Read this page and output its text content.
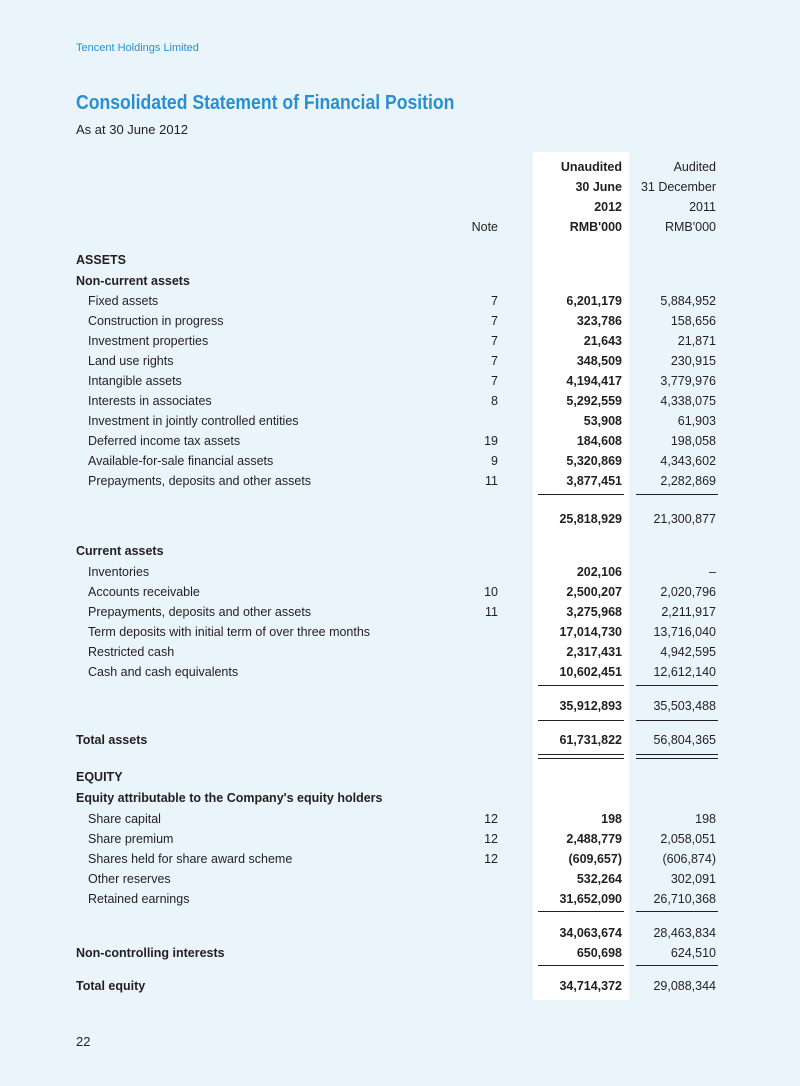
Tencent Holdings Limited
Consolidated Statement of Financial Position
As at 30 June 2012
Unaudited	Audited
30 June	31 December
2012	2011
Note	RMB'000	RMB'000
ASSETS
Non-current assets
Fixed assets	7	6,201,179	5,884,952
Construction in progress	7	323,786	158,656
Investment properties	7	21,643	21,871
Land use rights	7	348,509	230,915
Intangible assets	7	4,194,417	3,779,976
Interests in associates	8	5,292,559	4,338,075
Investment in jointly controlled entities	53,908	61,903
Deferred income tax assets	19	184,608	198,058
Available-for-sale financial assets	9	5,320,869	4,343,602
Prepayments, deposits and other assets	11	3,877,451	2,282,869
25,818,929	21,300,877
Current assets
Inventories	202,106	–
Accounts receivable	10	2,500,207	2,020,796
Prepayments, deposits and other assets	11	3,275,968	2,211,917
Term deposits with initial term of over three months	17,014,730	13,716,040
Restricted cash	2,317,431	4,942,595
Cash and cash equivalents	10,602,451	12,612,140
35,912,893	35,503,488
Total assets	61,731,822	56,804,365
EQUITY
Equity attributable to the Company's equity holders
Share capital	12	198	198
Share premium	12	2,488,779	2,058,051
Shares held for share award scheme	12	(609,657)	(606,874)
Other reserves	532,264	302,091
Retained earnings	31,652,090	26,710,368
34,063,674	28,463,834
Non-controlling interests	650,698	624,510
Total equity	34,714,372	29,088,344
22
